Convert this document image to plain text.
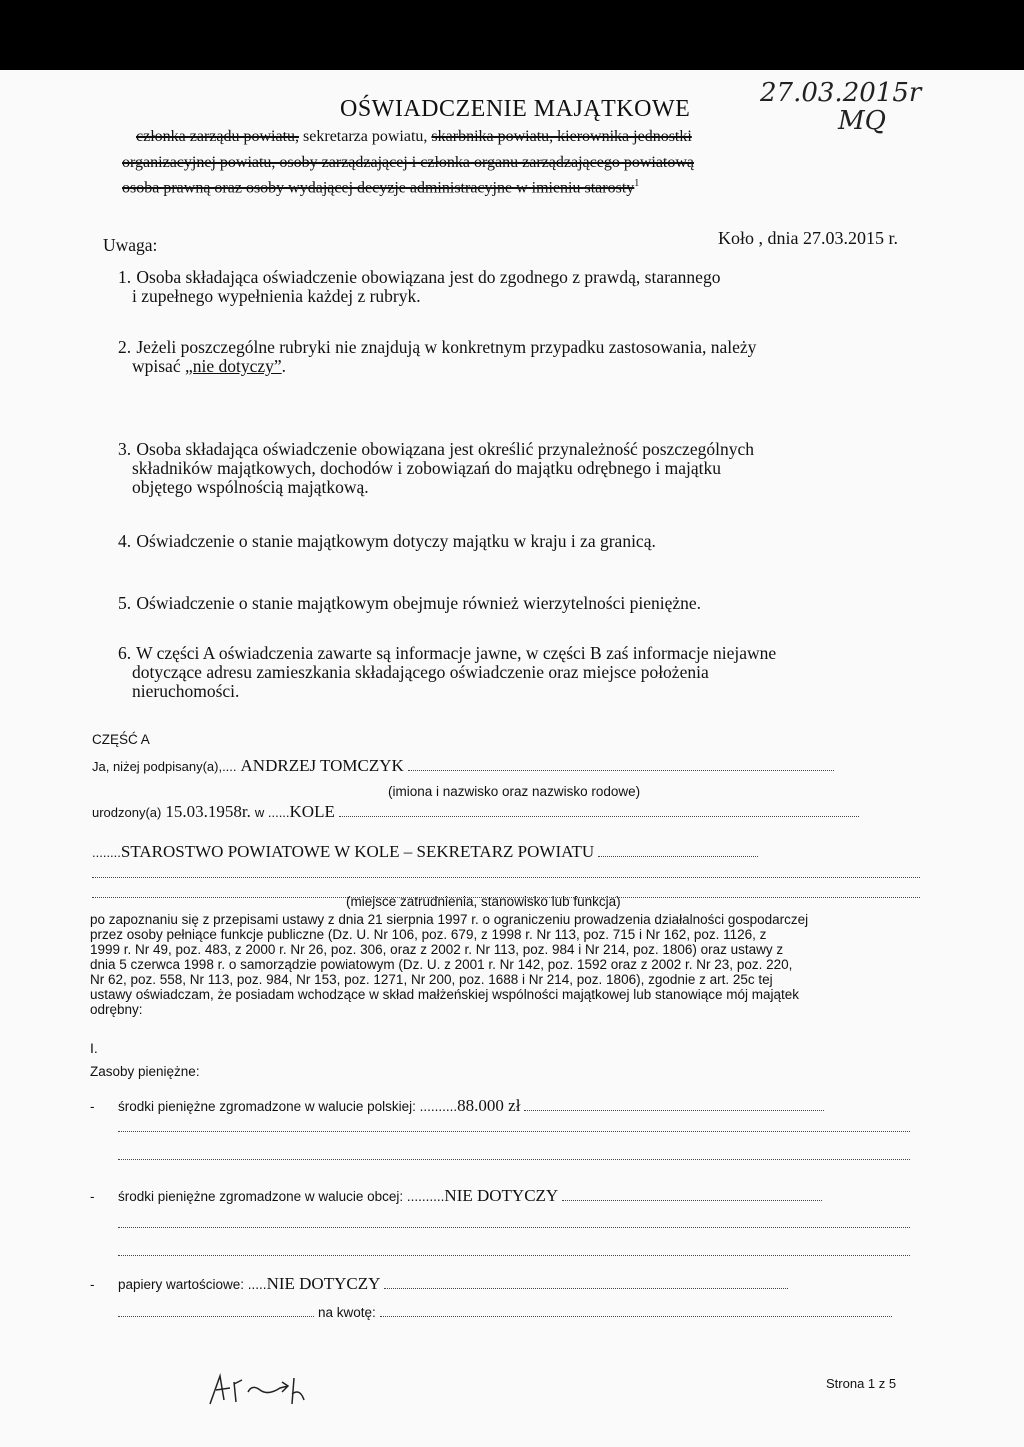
27.03.2015r
MQ
OŚWIADCZENIE MAJĄTKOWE
członka zarządu powiatu, sekretarza powiatu, skarbnika powiatu, kierownika jednostki
organizacyjnej powiatu, osoby zarządzającej i członka organu zarządzającego powiatową
osoba prawną oraz osoby wydającej decyzje administracyjne w imieniu starosty$^1$
Uwaga:	Koło , dnia 27.03.2015 r.
1. Osoba składająca oświadczenie obowiązana jest do zgodnego z prawdą, starannego
i zupełnego wypełnienia każdej z rubryk.
2. Jeżeli poszczególne rubryki nie znajdują w konkretnym przypadku zastosowania, należy
wpisać „nie dotyczy”.
3. Osoba składająca oświadczenie obowiązana jest określić przynależność poszczególnych
składników majątkowych, dochodów i zobowiązań do majątku odrębnego i majątku
objętego wspólnością majątkową.
4. Oświadczenie o stanie majątkowym dotyczy majątku w kraju i za granicą.
5. Oświadczenie o stanie majątkowym obejmuje również wierzytelności pieniężne.
6. W części A oświadczenia zawarte są informacje jawne, w części B zaś informacje niejawne
dotyczące adresu zamieszkania składającego oświadczenie oraz miejsce położenia
nieruchomości.
CZĘŚĆ A
Ja, niżej podpisany(a),.... ANDRZEJ TOMCZYK
(imiona i nazwisko oraz nazwisko rodowe)
urodzony(a) 15.03.1958r. w ......KOLE
........STAROSTWO POWIATOWE W KOLE – SEKRETARZ POWIATU
(miejsce zatrudnienia, stanowisko lub funkcja)
po zapoznaniu się z przepisami ustawy z dnia 21 sierpnia 1997 r. o ograniczeniu prowadzenia działalności gospodarczej
przez osoby pełniące funkcje publiczne (Dz. U. Nr 106, poz. 679, z 1998 r. Nr 113, poz. 715 i Nr 162, poz. 1126, z
1999 r. Nr 49, poz. 483, z 2000 r. Nr 26, poz. 306, oraz z 2002 r. Nr 113, poz. 984 i Nr 214, poz. 1806) oraz ustawy z
dnia 5 czerwca 1998 r. o samorządzie powiatowym (Dz. U. z 2001 r. Nr 142, poz. 1592 oraz z 2002 r. Nr 23, poz. 220,
Nr 62, poz. 558, Nr 113, poz. 984, Nr 153, poz. 1271, Nr 200, poz. 1688 i Nr 214, poz. 1806), zgodnie z art. 25c tej
ustawy oświadczam, że posiadam wchodzące w skład małżeńskiej wspólności majątkowej lub stanowiące mój majątek
odrębny:
I.
Zasoby pieniężne:
- środki pieniężne zgromadzone w walucie polskiej: ..........88.000 zł
- środki pieniężne zgromadzone w walucie obcej: ..........NIE DOTYCZY
- papiery wartościowe: .....NIE DOTYCZY
na kwotę:
Strona 1 z 5
